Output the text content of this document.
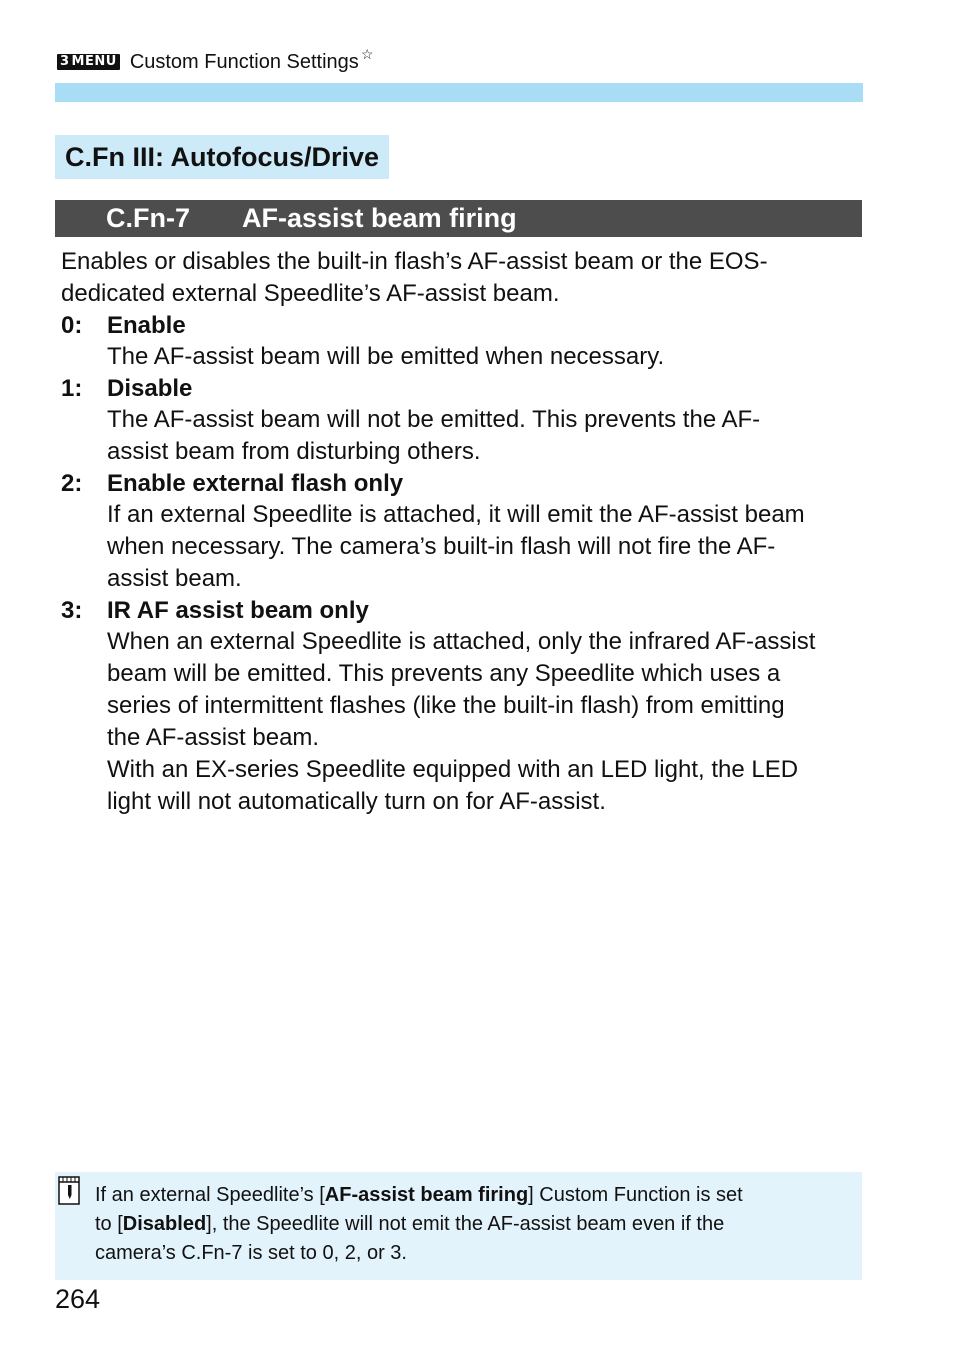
3 MENU Custom Function Settings ☆
C.Fn III: Autofocus/Drive
C.Fn-7	AF-assist beam firing
Enables or disables the built-in flash’s AF-assist beam or the EOS-
dedicated external Speedlite’s AF-assist beam.
0:	Enable
The AF-assist beam will be emitted when necessary.
1:	Disable
The AF-assist beam will not be emitted. This prevents the AF-
assist beam from disturbing others.
2:	Enable external flash only
If an external Speedlite is attached, it will emit the AF-assist beam
when necessary. The camera’s built-in flash will not fire the AF-
assist beam.
3:	IR AF assist beam only
When an external Speedlite is attached, only the infrared AF-assist
beam will be emitted. This prevents any Speedlite which uses a
series of intermittent flashes (like the built-in flash) from emitting
the AF-assist beam.
With an EX-series Speedlite equipped with an LED light, the LED
light will not automatically turn on for AF-assist.
If an external Speedlite’s [AF-assist beam firing] Custom Function is set
to [Disabled], the Speedlite will not emit the AF-assist beam even if the
camera’s C.Fn-7 is set to 0, 2, or 3.
264
